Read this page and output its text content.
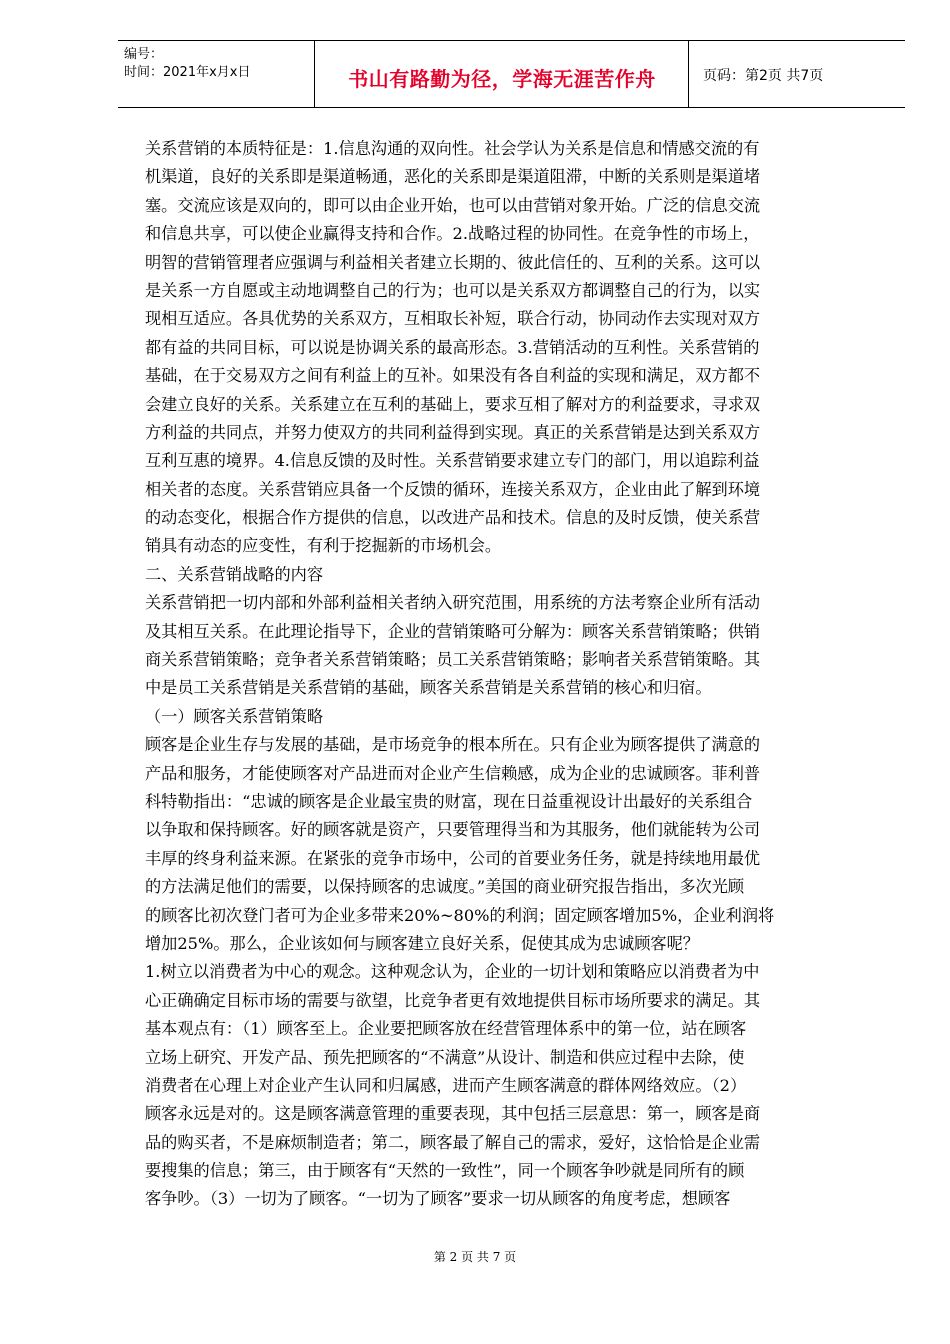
编号：
时间：2021年x月x日	书山有路勤为径，学海无涯苦作舟	页码：第2页 共7页
关系营销的本质特征是：1.信息沟通的双向性。社会学认为关系是信息和情感交流的有
机渠道，良好的关系即是渠道畅通，恶化的关系即是渠道阻滞，中断的关系则是渠道堵
塞。交流应该是双向的，即可以由企业开始，也可以由营销对象开始。广泛的信息交流
和信息共享，可以使企业赢得支持和合作。2.战略过程的协同性。在竞争性的市场上，
明智的营销管理者应强调与利益相关者建立长期的、彼此信任的、互利的关系。这可以
是关系一方自愿或主动地调整自己的行为；也可以是关系双方都调整自己的行为，以实
现相互适应。各具优势的关系双方，互相取长补短，联合行动，协同动作去实现对双方
都有益的共同目标，可以说是协调关系的最高形态。3.营销活动的互利性。关系营销的
基础，在于交易双方之间有利益上的互补。如果没有各自利益的实现和满足，双方都不
会建立良好的关系。关系建立在互利的基础上，要求互相了解对方的利益要求，寻求双
方利益的共同点，并努力使双方的共同利益得到实现。真正的关系营销是达到关系双方
互利互惠的境界。4.信息反馈的及时性。关系营销要求建立专门的部门，用以追踪利益
相关者的态度。关系营销应具备一个反馈的循环，连接关系双方，企业由此了解到环境
的动态变化，根据合作方提供的信息，以改进产品和技术。信息的及时反馈，使关系营
销具有动态的应变性，有利于挖掘新的市场机会。
二、关系营销战略的内容
关系营销把一切内部和外部利益相关者纳入研究范围，用系统的方法考察企业所有活动
及其相互关系。在此理论指导下，企业的营销策略可分解为：顾客关系营销策略；供销
商关系营销策略；竞争者关系营销策略；员工关系营销策略；影响者关系营销策略。其
中是员工关系营销是关系营销的基础，顾客关系营销是关系营销的核心和归宿。
（一）顾客关系营销策略
顾客是企业生存与发展的基础，是市场竞争的根本所在。只有企业为顾客提供了满意的
产品和服务，才能使顾客对产品进而对企业产生信赖感，成为企业的忠诚顾客。菲利普
科特勒指出：“忠诚的顾客是企业最宝贵的财富，现在日益重视设计出最好的关系组合
以争取和保持顾客。好的顾客就是资产，只要管理得当和为其服务，他们就能转为公司
丰厚的终身利益来源。在紧张的竞争市场中，公司的首要业务任务，就是持续地用最优
的方法满足他们的需要，以保持顾客的忠诚度。”美国的商业研究报告指出，多次光顾
的顾客比初次登门者可为企业多带来20%~80%的利润；固定顾客增加5%，企业利润将
增加25%。那么，企业该如何与顾客建立良好关系，促使其成为忠诚顾客呢？
1.树立以消费者为中心的观念。这种观念认为，企业的一切计划和策略应以消费者为中
心正确确定目标市场的需要与欲望，比竞争者更有效地提供目标市场所要求的满足。其
基本观点有：（1）顾客至上。企业要把顾客放在经营管理体系中的第一位，站在顾客
立场上研究、开发产品、预先把顾客的“不满意”从设计、制造和供应过程中去除，使
消费者在心理上对企业产生认同和归属感，进而产生顾客满意的群体网络效应。（2）
顾客永远是对的。这是顾客满意管理的重要表现，其中包括三层意思：第一，顾客是商
品的购买者，不是麻烦制造者；第二，顾客最了解自己的需求，爱好，这恰恰是企业需
要搜集的信息；第三，由于顾客有“天然的一致性”，同一个顾客争吵就是同所有的顾
客争吵。（3）一切为了顾客。“一切为了顾客”要求一切从顾客的角度考虑，想顾客
第 2 页 共 7 页
